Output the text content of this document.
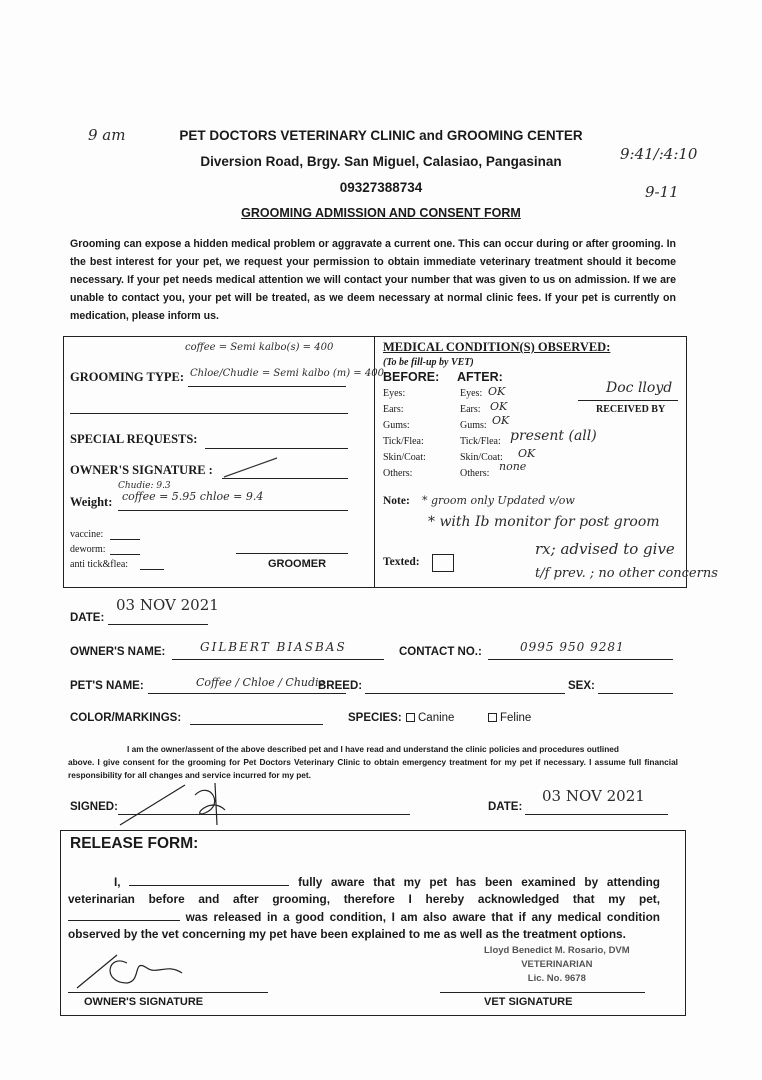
9 am
9:41/:4:10
9-11
PET DOCTORS VETERINARY CLINIC and GROOMING CENTER
Diversion Road, Brgy. San Miguel, Calasiao, Pangasinan
09327388734
GROOMING ADMISSION AND CONSENT FORM
Grooming can expose a hidden medical problem or aggravate a current one. This can occur during or after grooming. In the best interest for your pet, we request your permission to obtain immediate veterinary treatment should it become necessary. If your pet needs medical attention we will contact your number that was given to us on admission. If we are unable to contact you, your pet will be treated, as we deem necessary at normal clinic fees. If your pet is currently on medication, please inform us.
coffee = Semi kalbo(s) = 400
GROOMING TYPE: Chloe/Chudie = Semi kalbo (m) = 400
SPECIAL REQUESTS:
OWNER'S SIGNATURE :
Chudie: 9.3
Weight: coffee = 5.95 chloe = 9.4
vaccine:
deworm:
anti tick&flea:	GROOMER
MEDICAL CONDITION(S) OBSERVED:
(To be fill-up by VET)
BEFORE: AFTER:
Eyes:	Eyes: OK
Ears:	Ears: OK
Gums:	Gums: OK
Tick/Flea:	Tick/Flea: present (all)
Skin/Coat:	Skin/Coat: OK
Others:	Others:
none
Doc lloyd
RECEIVED BY
Note: * groom only Updated v/ow
* with Ib monitor for post groom
rx; advised to give
t/f prev. ; no other concerns
Texted:
DATE:
03 NOV 2021
OWNER'S NAME:	GILBERT BIASBAS	CONTACT NO.:	0995 950 9281
PET'S NAME:	Coffee / Chloe / Chudie
BREED:	SEX:
COLOR/MARKINGS:	SPECIES:	Canine	Feline

I am the owner/assent of the above described pet and I have read and understand the clinic policies and procedures outlined

above. I give consent for the grooming for Pet Doctors Veterinary Clinic to obtain emergency treatment for my pet if necessary. I assume full financial responsibility for all changes and service incurred for my pet.

SIGNED:	DATE:
03 NOV 2021
RELEASE FORM:
I,	fully aware that my pet has been examined by attending veterinarian before and after grooming, therefore I hereby acknowledged that my pet,  was released in a good condition, I am also aware that if any medical condition observed by the vet concerning my pet have been explained to me as well as the treatment options.
OWNER'S SIGNATURE
Lloyd Benedict M. Rosario, DVM
VETERINARIAN
Lic. No. 9678
VET SIGNATURE
